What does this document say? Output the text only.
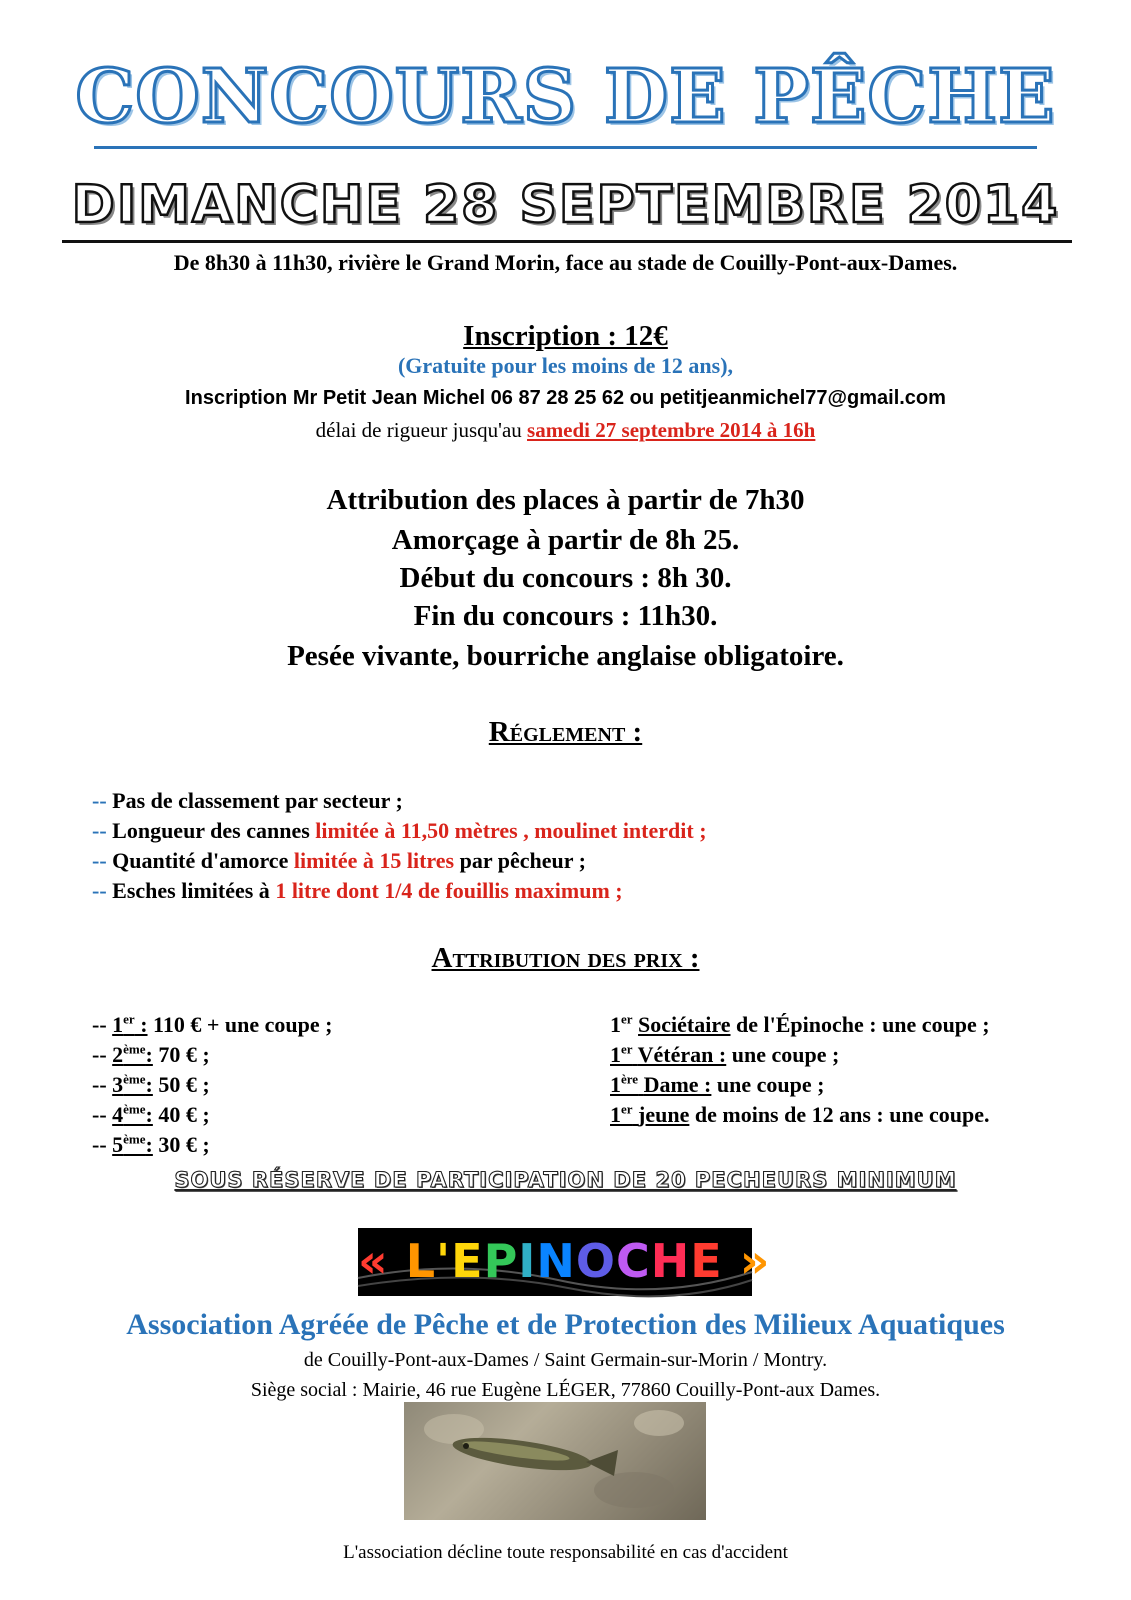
CONCOURS DE PÊCHE
DIMANCHE 28 SEPTEMBRE 2014
De 8h30 à 11h30, rivière le Grand Morin, face au stade de Couilly-Pont-aux-Dames.
Inscription : 12€
(Gratuite pour les moins de 12 ans),
Inscription Mr Petit Jean Michel 06 87 28 25 62 ou petitjeanmichel77@gmail.com
délai de rigueur jusqu'au samedi 27 septembre 2014 à 16h
Attribution des places à partir de 7h30
Amorçage à partir de 8h 25.
Début du concours : 8h 30.
Fin du concours : 11h30.
Pesée vivante, bourriche anglaise obligatoire.
Réglement :
-- Pas de classement par secteur ;
-- Longueur des cannes limitée à 11,50 mètres , moulinet interdit ;
-- Quantité d'amorce limitée à 15 litres par pêcheur ;
-- Esches limitées à 1 litre dont 1/4 de fouillis maximum ;
Attribution des prix :
-- 1er : 110 € + une coupe ;
-- 2ème: 70 € ;
-- 3ème: 50 € ;
-- 4ème: 40 € ;
-- 5ème: 30 € ;
1er Sociétaire de l'Épinoche : une coupe ;
1er Vétéran : une coupe ;
1ère Dame : une coupe ;
1er jeune de moins de 12 ans : une coupe.
SOUS RÉSERVE DE PARTICIPATION DE 20 PECHEURS MINIMUM
« L'EPINOCHE »
Association Agréée de Pêche et de Protection des Milieux Aquatiques
de Couilly-Pont-aux-Dames / Saint Germain-sur-Morin / Montry.
Siège social : Mairie, 46 rue Eugène LÉGER, 77860 Couilly-Pont-aux Dames.
L'association décline toute responsabilité en cas d'accident
